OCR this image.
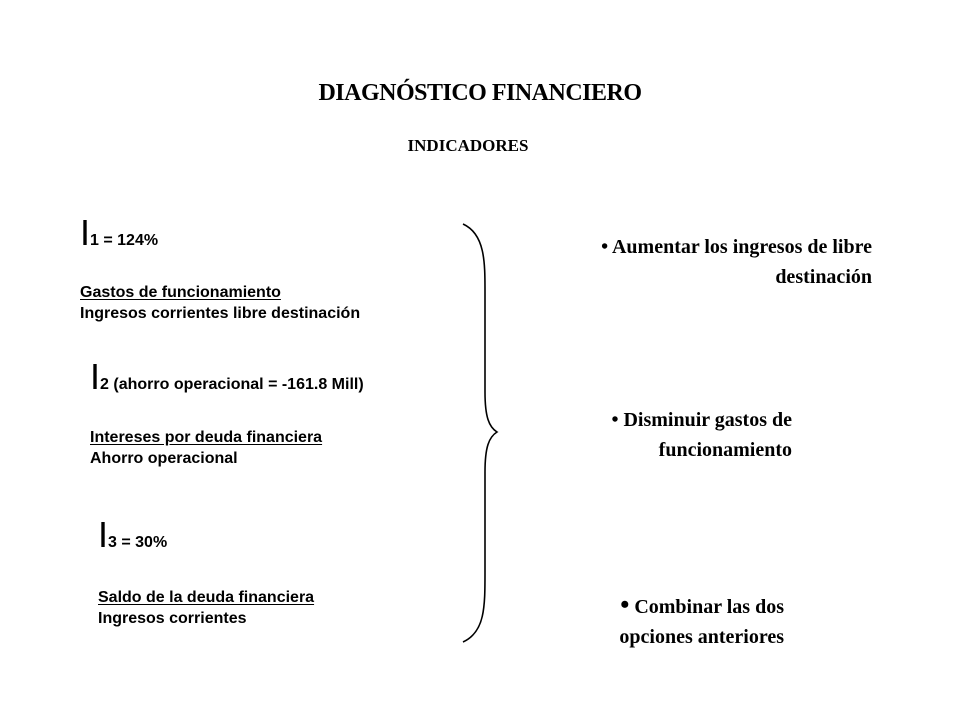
DIAGNÓSTICO FINANCIERO
INDICADORES
I1 = 124%
Gastos de funcionamiento
Ingresos corrientes libre destinación
I2 (ahorro operacional = -161.8 Mill)
Intereses por deuda financiera
Ahorro operacional
I3 = 30%
Saldo de la deuda financiera
Ingresos corrientes
• Aumentar los ingresos de libre
destinación
• Disminuir gastos de
funcionamiento
• Combinar las dos
opciones anteriores
